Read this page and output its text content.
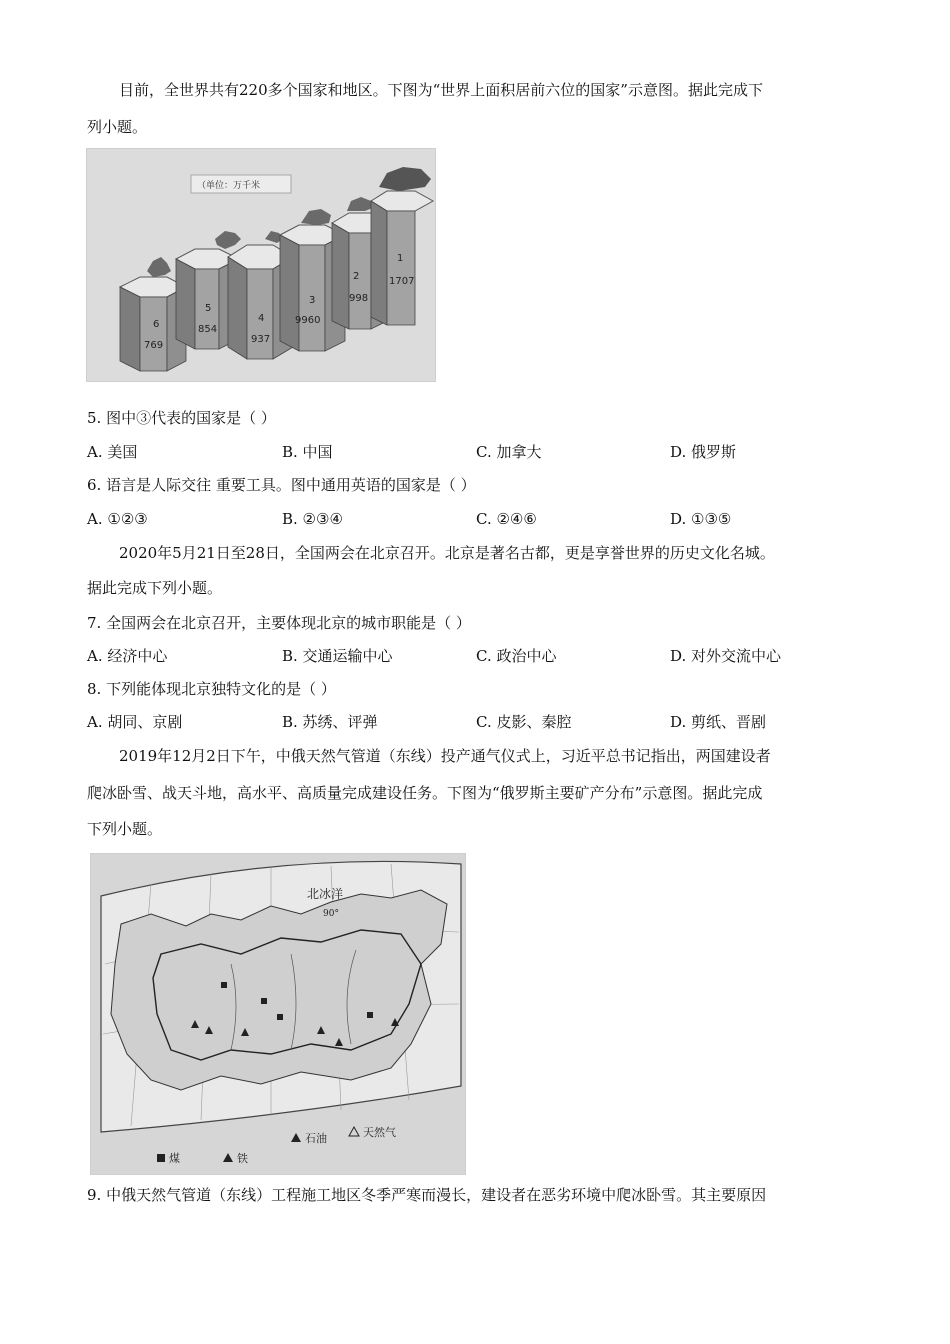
目前，全世界共有220多个国家和地区。下图为“世界上面积居前六位的国家”示意图。据此完成下
列小题。
（单位：万千米
6
769
5
854
4
937
3
9960
2
998
1
1707
5. 图中③代表的国家是（ ）
A. 美国	B. 中国	C. 加拿大	D. 俄罗斯
6. 语言是人际交往 重要工具。图中通用英语的国家是（ ）
A. ①②③	B. ②③④	C. ②④⑥	D. ①③⑤
2020年5月21日至28日，全国两会在北京召开。北京是著名古都，更是享誉世界的历史文化名城。
据此完成下列小题。
7. 全国两会在北京召开，主要体现北京的城市职能是（ ）
A. 经济中心	B. 交通运输中心	C. 政治中心	D. 对外交流中心
8. 下列能体现北京独特文化的是（ ）
A. 胡同、京剧	B. 苏绣、评弹	C. 皮影、秦腔	D. 剪纸、晋剧
2019年12月2日下午，中俄天然气管道（东线）投产通气仪式上，习近平总书记指出，两国建设者
爬冰卧雪、战天斗地，高水平、高质量完成建设任务。下图为“俄罗斯主要矿产分布”示意图。据此完成
下列小题。
北冰洋
90°
煤	铁
石油	天然气
9. 中俄天然气管道（东线）工程施工地区冬季严寒而漫长，建设者在恶劣环境中爬冰卧雪。其主要原因
